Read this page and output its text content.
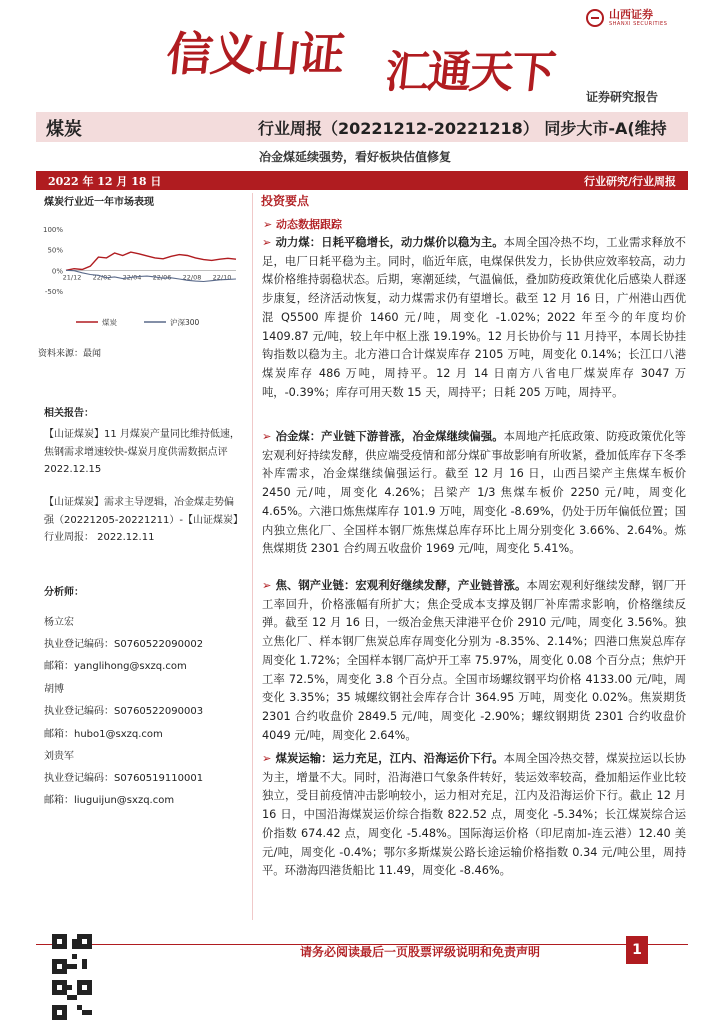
山西证券
SHANXI SECURITIES
信义山证 汇通天下 证券研究报告
煤炭	行业周报（20221212-20221218） 同步大市-A(维持
冶金煤延续强势，看好板块估值修复
2022 年 12 月 18 日	行业研究/行业周报
煤炭行业近一年市场表现
100%
50%
0%
-50%
21/12 22/02 22/04 22/06 22/08 22/10
煤炭	沪深300
资料来源：最闻
相关报告：
【山证煤炭】11 月煤炭产量同比维持低速，焦钢需求增速较快-煤炭月度供需数据点评 2022.12.15
【山证煤炭】需求主导逻辑，冶金煤走势偏强（20221205-20221211）-【山证煤炭】行业周报： 2022.12.11
分析师：
杨立宏
执业登记编码：S0760522090002
邮箱：yanglihong@sxzq.com
胡博
执业登记编码：S0760522090003
邮箱：hubo1@sxzq.com
刘贵军
执业登记编码：S0760519110001
邮箱：liuguijun@sxzq.com
投资要点
➢ 动态数据跟踪
➢ 动力煤：日耗平稳增长，动力煤价以稳为主。本周全国冷热不均，工业需求释放不足，电厂日耗平稳为主。同时，临近年底，电煤保供发力，长协供应效率较高，动力煤价格维持弱稳状态。后期，寒潮延续，气温偏低，叠加防疫政策优化后感染人群逐步康复，经济活动恢复，动力煤需求仍有望增长。截至 12 月 16 日，广州港山西优混 Q5500 库提价 1460 元/吨，周变化 -1.02%；2022 年至今的年度均价 1409.87 元/吨，较上年中枢上涨 19.19%。12 月长协价与 11 月持平，本周长协挂钩指数以稳为主。北方港口合计煤炭库存 2105 万吨，周变化 0.14%；长江口八港煤炭库存 486 万吨，周持平。12 月 14 日南方八省电厂煤炭库存 3047 万吨，-0.39%；库存可用天数 15 天，周持平；日耗 205 万吨，周持平。
➢ 冶金煤：产业链下游普涨，冶金煤继续偏强。本周地产托底政策、防疫政策优化等宏观利好持续发酵，供应端受疫情和部分煤矿事故影响有所收紧，叠加低库存下冬季补库需求，冶金煤继续偏强运行。截至 12 月 16 日，山西吕梁产主焦煤车板价 2450 元/吨，周变化 4.26%；吕梁产 1/3 焦煤车板价 2250 元/吨，周变化 4.65%。六港口炼焦煤库存 101.9 万吨，周变化 -8.69%，仍处于历年偏低位置；国内独立焦化厂、全国样本钢厂炼焦煤总库存环比上周分别变化 3.66%、2.64%。炼焦煤期货 2301 合约周五收盘价 1969 元/吨，周变化 5.41%。
➢ 焦、钢产业链：宏观利好继续发酵，产业链普涨。本周宏观利好继续发酵，钢厂开工率回升，价格涨幅有所扩大；焦企受成本支撑及钢厂补库需求影响，价格继续反弹。截至 12 月 16 日，一级冶金焦天津港平仓价 2910 元/吨，周变化 3.56%。独立焦化厂、样本钢厂焦炭总库存周变化分别为 -8.35%、2.14%；四港口焦炭总库存周变化 1.72%；全国样本钢厂高炉开工率 75.97%，周变化 0.08 个百分点；焦炉开工率 72.5%，周变化 3.8 个百分点。全国市场螺纹钢平均价格 4133.00 元/吨，周变化 3.35%；35 城螺纹钢社会库存合计 364.95 万吨，周变化 0.02%。焦炭期货 2301 合约收盘价 2849.5 元/吨，周变化 -2.90%；螺纹钢期货 2301 合约收盘价 4049 元/吨，周变化 2.64%。
➢ 煤炭运输：运力充足，江内、沿海运价下行。本周全国冷热交替，煤炭拉运以长协为主，增量不大。同时，沿海港口气象条件转好，装运效率较高，叠加船运作业比较独立，受目前疫情冲击影响较小，运力相对充足，江内及沿海运价下行。截止 12 月 16 日，中国沿海煤炭运价综合指数 822.52 点，周变化 -5.34%；长江煤炭综合运价指数 674.42 点，周变化 -5.48%。国际海运价格（印尼南加-连云港）12.40 美元/吨，周变化 -0.4%；鄂尔多斯煤炭公路长途运输价格指数 0.34 元/吨公里，周持平。环渤海四港货船比 11.49，周变化 -8.46%。
请务必阅读最后一页股票评级说明和免责声明	1
